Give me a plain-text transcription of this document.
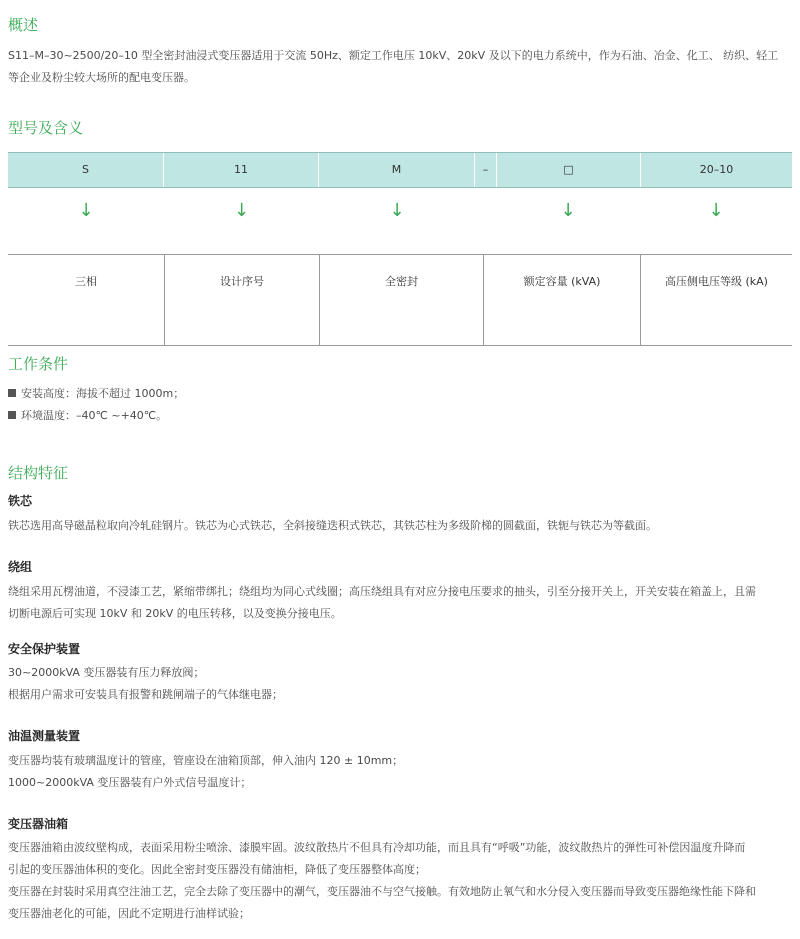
概述
S11–M–30~2500/20–10 型全密封油浸式变压器适用于交流 50Hz、额定工作电压 10kV、20kV 及以下的电力系统中，作为石油、冶金、化工、 纺织、轻工
等企业及粉尘较大场所的配电变压器。
型号及含义
S	11	M	–	□	20–10
↓	↓	↓	↓	↓
三相	设计序号	全密封	额定容量 (kVA)	高压侧电压等级 (kA)
工作条件
安装高度：海拔不超过 1000m；
环境温度：–40℃ ~+40℃。
结构特征
铁芯
铁芯选用高导磁晶粒取向冷轧硅钢片。铁芯为心式铁芯，全斜接缝迭积式铁芯，其铁芯柱为多级阶梯的圆截面，铁轭与铁芯为等截面。
绕组
绕组采用瓦楞油道，不浸漆工艺，紧缩带绑扎；绕组均为同心式线圈；高压绕组具有对应分接电压要求的抽头，引至分接开关上，开关安装在箱盖上，且需
切断电源后可实现 10kV 和 20kV 的电压转移，以及变换分接电压。
安全保护装置
30~2000kVA 变压器装有压力释放阀；
根据用户需求可安装具有报警和跳闸端子的气体继电器；
油温测量装置
变压器均装有玻璃温度计的管座，管座设在油箱顶部，伸入油内 120 ± 10mm；
1000~2000kVA 变压器装有户外式信号温度计；
变压器油箱
变压器油箱由波纹壁构成，表面采用粉尘喷涂、漆膜牢固。波纹散热片不但具有冷却功能，而且具有“呼吸”功能，波纹散热片的弹性可补偿因温度升降而
引起的变压器油体积的变化。因此全密封变压器没有储油柜，降低了变压器整体高度；
变压器在封装时采用真空注油工艺，完全去除了变压器中的潮气，变压器油不与空气接触。有效地防止氧气和水分侵入变压器而导致变压器绝缘性能下降和
变压器油老化的可能，因此不定期进行油样试验；
